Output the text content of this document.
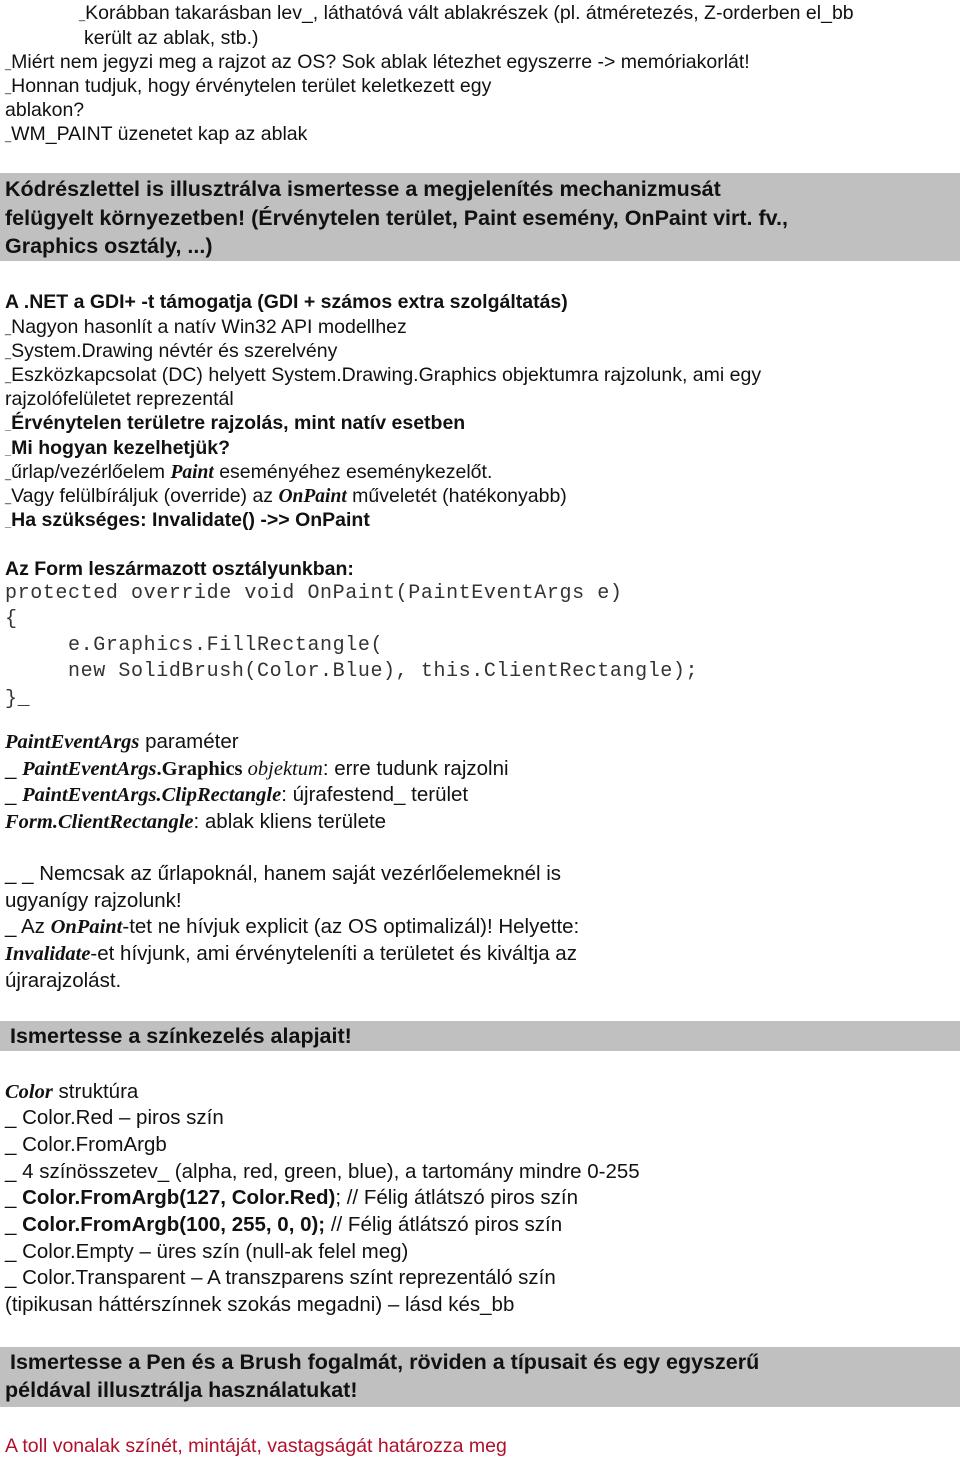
_Korábban takarásban lev_, láthatóvá vált ablakrészek (pl. átméretezés, Z-orderben el_bb
került az ablak, stb.)
_Miért nem jegyzi meg a rajzot az OS? Sok ablak létezhet egyszerre -> memóriakorlát!
_Honnan tudjuk, hogy érvénytelen terület keletkezett egy
ablakon?
_WM_PAINT üzenetet kap az ablak
Kódrészlettel is illusztrálva ismertesse a megjelenítés mechanizmusát
felügyelt környezetben! (Érvénytelen terület, Paint esemény, OnPaint virt. fv.,
Graphics osztály, ...)
A .NET a GDI+ -t támogatja (GDI + számos extra szolgáltatás)
_Nagyon hasonlít a natív Win32 API modellhez
_System.Drawing névtér és szerelvény
_Eszközkapcsolat (DC) helyett System.Drawing.Graphics objektumra rajzolunk, ami egy
rajzolófelületet reprezentál
_Érvénytelen területre rajzolás, mint natív esetben
_Mi hogyan kezelhetjük?
_űrlap/vezérlőelem Paint eseményéhez eseménykezelőt.
_Vagy felülbíráljuk (override) az OnPaint műveletét (hatékonyabb)
_Ha szükséges: Invalidate() ->> OnPaint
Az Form leszármazott osztályunkban:
protected override void OnPaint(PaintEventArgs e)
{
e.Graphics.FillRectangle(
new SolidBrush(Color.Blue), this.ClientRectangle);
}_
PaintEventArgs paraméter
_ PaintEventArgs.Graphics objektum: erre tudunk rajzolni
_ PaintEventArgs.ClipRectangle: újrafestend_ terület
Form.ClientRectangle: ablak kliens területe
_ _ Nemcsak az űrlapoknál, hanem saját vezérlőelemeknél is
ugyanígy rajzolunk!
_ Az OnPaint-tet ne hívjuk explicit (az OS optimalizál)! Helyette:
Invalidate-et hívjunk, ami érvényteleníti a területet és kiváltja az
újrarajzolást.
Ismertesse a színkezelés alapjait!
Color struktúra
_ Color.Red – piros szín
_ Color.FromArgb
_ 4 színösszetev_ (alpha, red, green, blue), a tartomány mindre 0-255
_ Color.FromArgb(127, Color.Red); // Félig átlátszó piros szín
_ Color.FromArgb(100, 255, 0, 0); // Félig átlátszó piros szín
_ Color.Empty – üres szín (null-ak felel meg)
_ Color.Transparent – A transzparens színt reprezentáló szín
(tipikusan háttérszínnek szokás megadni) – lásd kés_bb
Ismertesse a Pen és a Brush fogalmát, röviden a típusait és egy egyszerű
példával illusztrálja használatukat!
A toll vonalak színét, mintáját, vastagságát határozza meg
